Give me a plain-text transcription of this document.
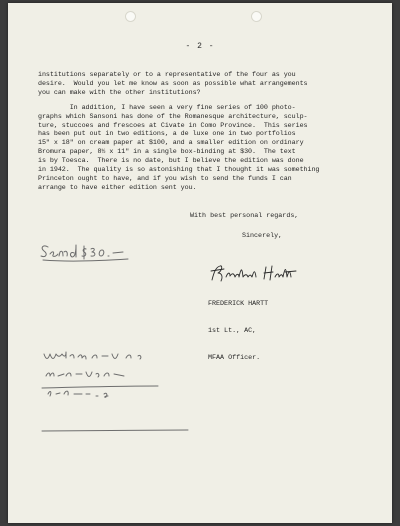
- 2 -
institutions separately or to a representative of the four as you
desire.  Would you let me know as soon as possible what arrangements
you can make with the other institutions?
In addition, I have seen a very fine series of 100 photo-
graphs which Sansoni has done of the Romanesque architecture, sculp-
ture, stuccoes and frescoes at Civate in Como Province.  This series
has been put out in two editions, a de luxe one in two portfolios
15" x 18" on cream paper at $100, and a smaller edition on ordinary
Bromura paper, 8½ x 11" in a single box-binding at $30.  The text
is by Toesca.  There is no date, but I believe the edition was done
in 1942.  The quality is so astonishing that I thought it was something
Princeton ought to have, and if you wish to send the funds I can
arrange to have either edition sent you.
With best personal regards,
Sincerely,

FREDERICK HARTT

1st Lt., AC,

MFAA Officer.
